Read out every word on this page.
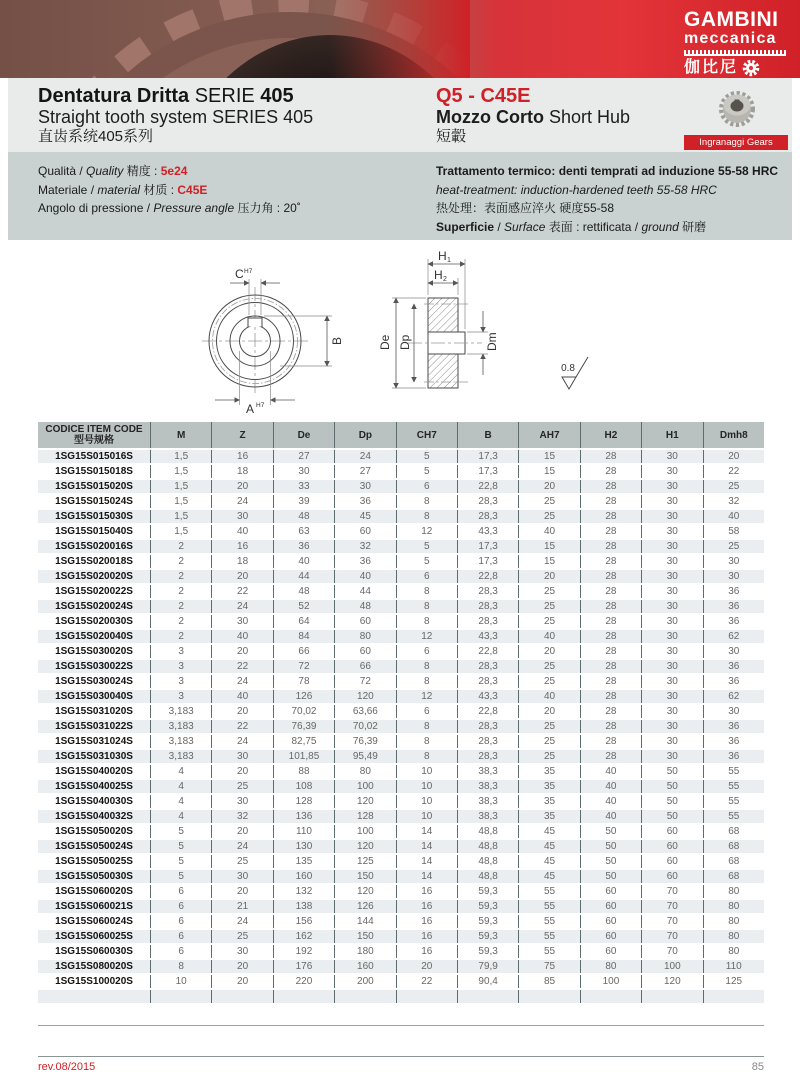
GAMBINI
meccanica
伽比尼
Dentatura Dritta SERIE 405
Straight tooth system SERIES 405
直齿系统405系列
Q5 - C45E
Mozzo Corto Short Hub
短轂	Ingranaggi Gears
Qualità / Quality 精度 : 5e24
Materiale / material 材质 : C45E
Angolo di pressione / Pressure angle 压力角 : 20˚
Trattamento termico: denti temprati ad induzione 55-58 HRC
heat-treatment: induction-hardened teeth 55-58 HRC
热处理：表面感应淬火 硬度55-58
Superficie / Surface 表面 : rettificata / ground 研磨
C H7
A H7
B
H 1
H 2
De Dp	Dm
0.8
CODICE ITEM CODE
型号规格	M	Z	De	Dp	CH7	B	AH7	H2	H1	Dmh8
1SG15S015016S	1,5	16	27	24	5	17,3	15	28	30	20
1SG15S015018S	1,5	18	30	27	5	17,3	15	28	30	22
1SG15S015020S	1,5	20	33	30	6	22,8	20	28	30	25
1SG15S015024S	1,5	24	39	36	8	28,3	25	28	30	32
1SG15S015030S	1,5	30	48	45	8	28,3	25	28	30	40
1SG15S015040S	1,5	40	63	60	12	43,3	40	28	30	58
1SG15S020016S	2	16	36	32	5	17,3	15	28	30	25
1SG15S020018S	2	18	40	36	5	17,3	15	28	30	30
1SG15S020020S	2	20	44	40	6	22,8	20	28	30	30
1SG15S020022S	2	22	48	44	8	28,3	25	28	30	36
1SG15S020024S	2	24	52	48	8	28,3	25	28	30	36
1SG15S020030S	2	30	64	60	8	28,3	25	28	30	36
1SG15S020040S	2	40	84	80	12	43,3	40	28	30	62
1SG15S030020S	3	20	66	60	6	22,8	20	28	30	30
1SG15S030022S	3	22	72	66	8	28,3	25	28	30	36
1SG15S030024S	3	24	78	72	8	28,3	25	28	30	36
1SG15S030040S	3	40	126	120	12	43,3	40	28	30	62
1SG15S031020S	3,183	20	70,02	63,66	6	22,8	20	28	30	30
1SG15S031022S	3,183	22	76,39	70,02	8	28,3	25	28	30	36
1SG15S031024S	3,183	24	82,75	76,39	8	28,3	25	28	30	36
1SG15S031030S	3,183	30	101,85	95,49	8	28,3	25	28	30	36
1SG15S040020S	4	20	88	80	10	38,3	35	40	50	55
1SG15S040025S	4	25	108	100	10	38,3	35	40	50	55
1SG15S040030S	4	30	128	120	10	38,3	35	40	50	55
1SG15S040032S	4	32	136	128	10	38,3	35	40	50	55
1SG15S050020S	5	20	110	100	14	48,8	45	50	60	68
1SG15S050024S	5	24	130	120	14	48,8	45	50	60	68
1SG15S050025S	5	25	135	125	14	48,8	45	50	60	68
1SG15S050030S	5	30	160	150	14	48,8	45	50	60	68
1SG15S060020S	6	20	132	120	16	59,3	55	60	70	80
1SG15S060021S	6	21	138	126	16	59,3	55	60	70	80
1SG15S060024S	6	24	156	144	16	59,3	55	60	70	80
1SG15S060025S	6	25	162	150	16	59,3	55	60	70	80
1SG15S060030S	6	30	192	180	16	59,3	55	60	70	80
1SG15S080020S	8	20	176	160	20	79,9	75	80	100	110
1SG15S100020S	10	20	220	200	22	90,4	85	100	120	125

rev.08/2015	85
